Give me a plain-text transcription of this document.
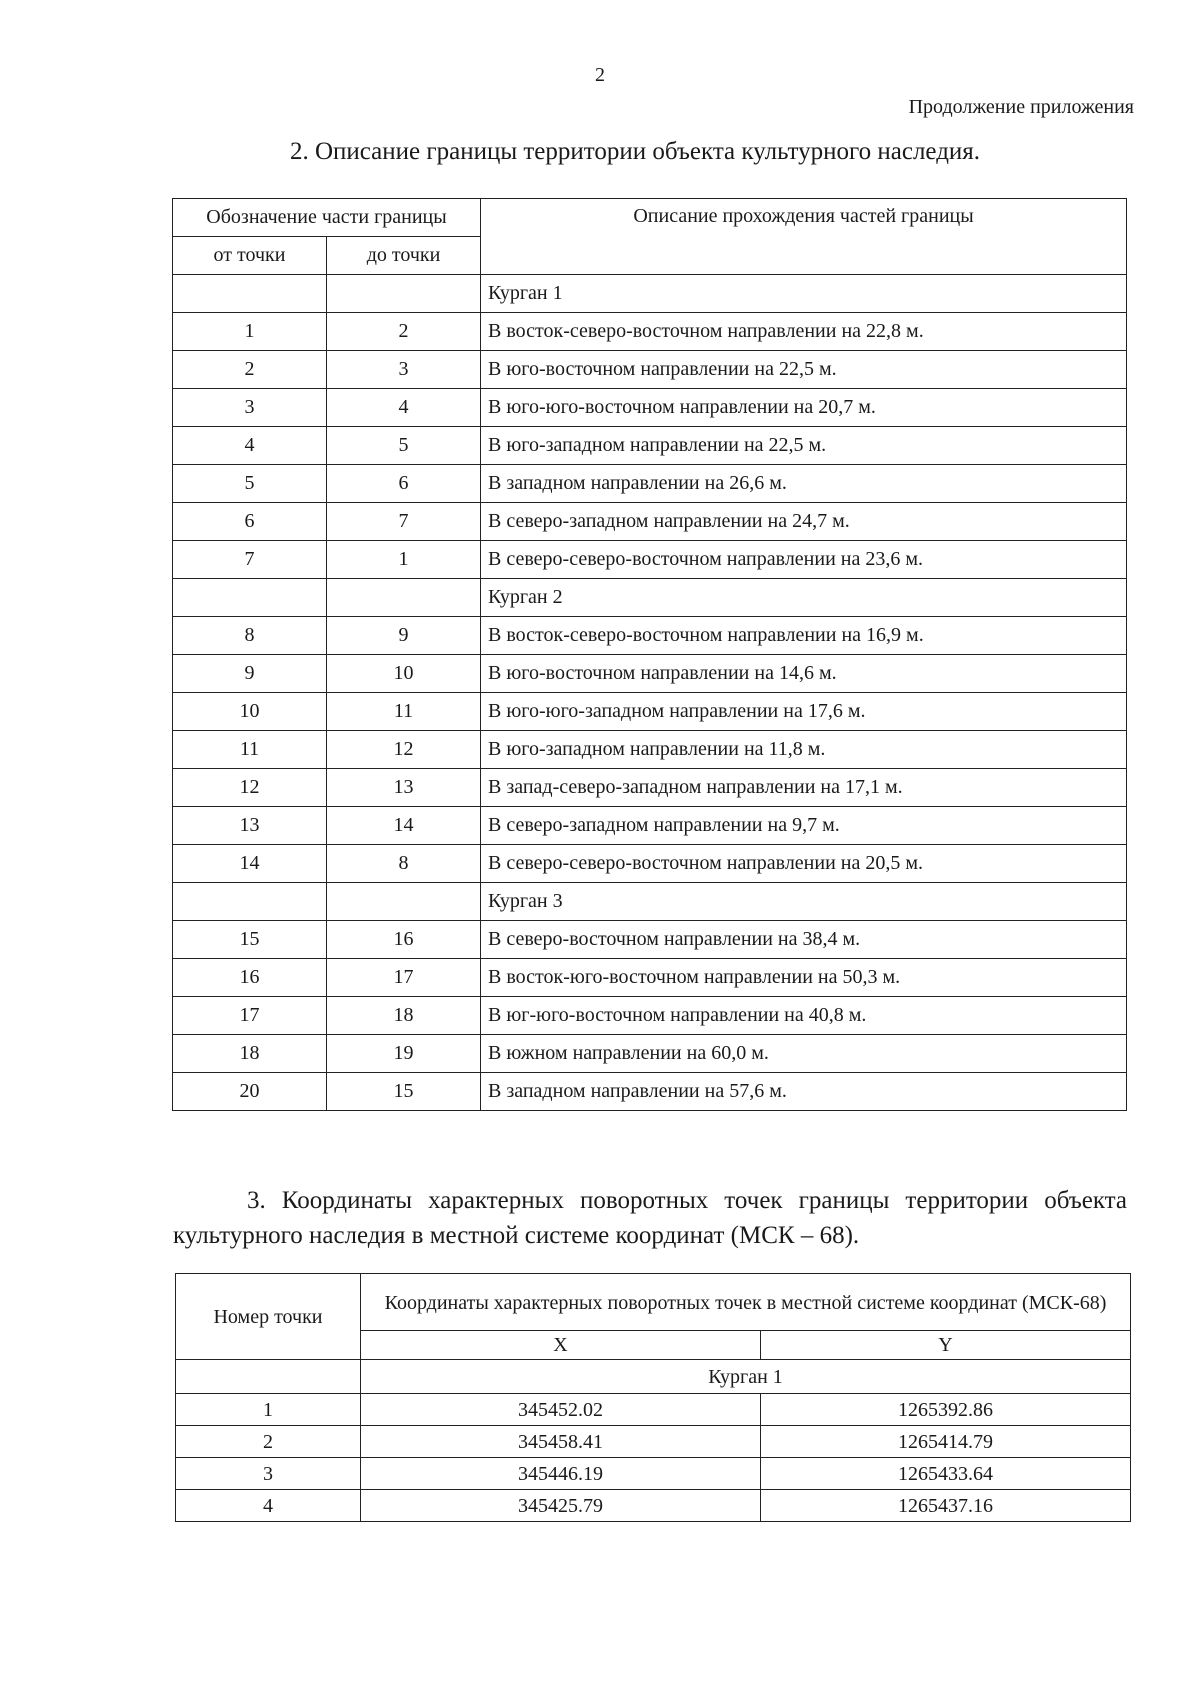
2
Продолжение приложения
2. Описание границы территории объекта культурного наследия.
Обозначение части границы		Описание прохождения частей границы
от точки	до точки	
		Курган 1
1	2	В восток-северо-восточном направлении на 22,8 м.
2	3	В юго-восточном направлении на 22,5 м.
3	4	В юго-юго-восточном направлении на 20,7 м.
4	5	В юго-западном направлении на 22,5 м.
5	6	В западном направлении на 26,6 м.
6	7	В северо-западном направлении на 24,7 м.
7	1	В северо-северо-восточном направлении на 23,6 м.
		Курган 2
8	9	В восток-северо-восточном направлении на 16,9 м.
9	10	В юго-восточном направлении на 14,6 м.
10	11	В юго-юго-западном направлении на 17,6 м.
11	12	В юго-западном направлении на 11,8 м.
12	13	В запад-северо-западном направлении на 17,1 м.
13	14	В северо-западном направлении на 9,7 м.
14	8	В северо-северо-восточном направлении на 20,5 м.
		Курган 3
15	16	В северо-восточном направлении на 38,4 м.
16	17	В восток-юго-восточном направлении на 50,3 м.
17	18	В юг-юго-восточном направлении на 40,8 м.
18	19	В южном направлении на 60,0 м.
20	15	В западном направлении на 57,6 м.
3. Координаты характерных поворотных точек границы территории объекта культурного наследия в местной системе координат (МСК – 68).
Номер точки	Координаты характерных поворотных точек в местной системе координат (МСК-68)	
	X	Y
	Курган 1	
1	345452.02	1265392.86
2	345458.41	1265414.79
3	345446.19	1265433.64
4	345425.79	1265437.16
